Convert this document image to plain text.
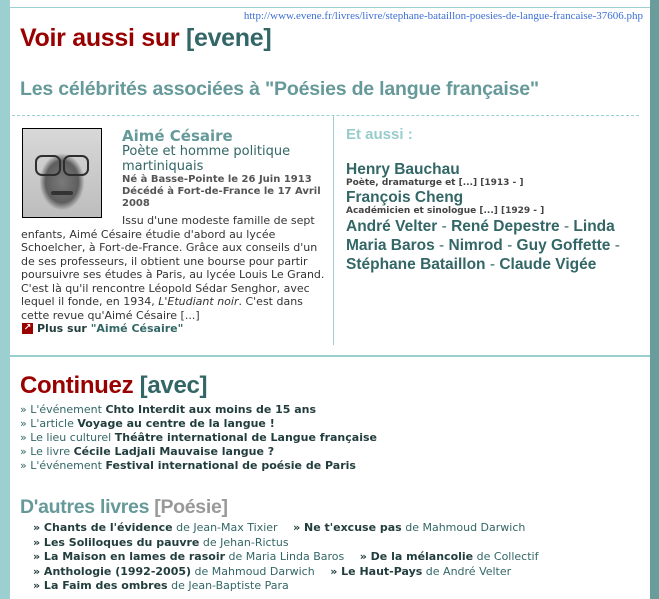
http://www.evene.fr/livres/livre/stephane-bataillon-poesies-de-langue-francaise-37606.php
Voir aussi sur [evene]
Les célébrités associées à "Poésies de langue française"
Aimé Césaire
Poète et homme politique martiniquais
Né à Basse-Pointe le 26 Juin 1913
Décédé à Fort-de-France le 17 Avril 2008
Issu d'une modeste famille de sept enfants, Aimé Césaire étudie d'abord au lycée Schoelcher, à Fort-de-France. Grâce aux conseils d'un de ses professeurs, il obtient une bourse pour partir poursuivre ses études à Paris, au lycée Louis Le Grand. C'est là qu'il rencontre Léopold Sédar Senghor, avec lequel il fonde, en 1934, L'Etudiant noir. C'est dans cette revue qu'Aimé Césaire [...]
↗ Plus sur "Aimé Césaire"
Et aussi :
Henry Bauchau
Poète, dramaturge et [...] [1913 - ]
François Cheng
Académicien et sinologue [...] [1929 - ]
André Velter - René Depestre - Linda Maria Baros - Nimrod - Guy Goffette - Stéphane Bataillon - Claude Vigée
Continuez [avec]
» L'événement Chto Interdit aux moins de 15 ans
» L'article Voyage au centre de la langue !
» Le lieu culturel Théâtre international de Langue française
» Le livre Cécile Ladjali Mauvaise langue ?
» L'événement Festival international de poésie de Paris
D'autres livres [Poésie]
» Chants de l'évidence de Jean-Max Tixier » Ne t'excuse pas de Mahmoud Darwich
» Les Soliloques du pauvre de Jehan-Rictus
» La Maison en lames de rasoir de Maria Linda Baros » De la mélancolie de Collectif
» Anthologie (1992-2005) de Mahmoud Darwich » Le Haut-Pays de André Velter
» La Faim des ombres de Jean-Baptiste Para
